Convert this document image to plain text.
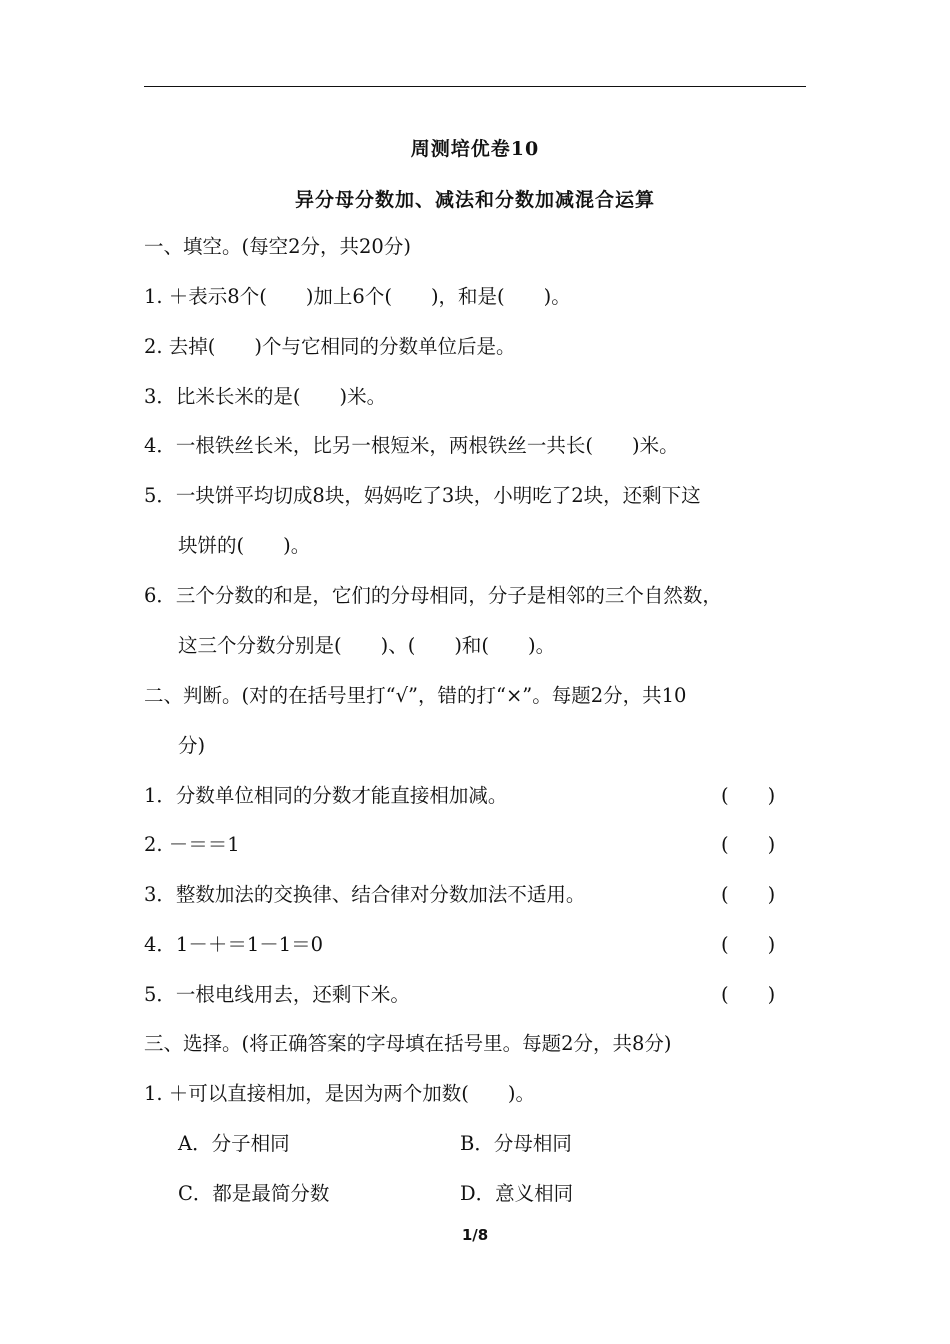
周测培优卷10
异分母分数加、减法和分数加减混合运算
一、填空。(每空2分，共20分)
1. ＋表示8个(　　)加上6个(　　)，和是(　　)。
2. 去掉(　　)个与它相同的分数单位后是。
3．比米长米的是(　　)米。
4．一根铁丝长米，比另一根短米，两根铁丝一共长(　　)米。
5．一块饼平均切成8块，妈妈吃了3块，小明吃了2块，还剩下这
块饼的(　　)。
6．三个分数的和是，它们的分母相同，分子是相邻的三个自然数，
这三个分数分别是(　　)、(　　)和(　　)。
二、判断。(对的在括号里打“√”，错的打“×”。每题2分，共10
分)
1．分数单位相同的分数才能直接相加减。	(　　)
2. －＝＝1	(　　)
3．整数加法的交换律、结合律对分数加法不适用。	(　　)
4．1－＋＝1－1＝0	(　　)
5．一根电线用去，还剩下米。	(　　)
三、选择。(将正确答案的字母填在括号里。每题2分，共8分)
1. ＋可以直接相加，是因为两个加数(　　)。
A．分子相同	B．分母相同
C．都是最简分数	D．意义相同
1/8
